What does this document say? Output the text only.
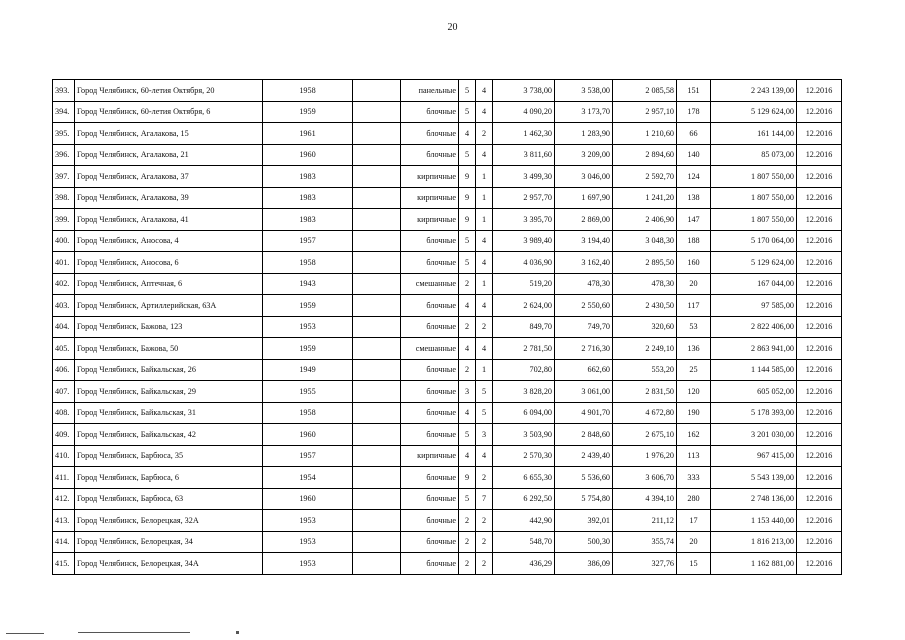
20
393.	Город Челябинск, 60-летия Октября, 20	1958		панельные	5	4	3 738,00	3 538,00	2 085,58	151	2 243 139,00	12.2016
394.	Город Челябинск, 60-летия Октября, 6	1959		блочные	5	4	4 090,20	3 173,70	2 957,10	178	5 129 624,00	12.2016
395.	Город Челябинск, Агалакова, 15	1961		блочные	4	2	1 462,30	1 283,90	1 210,60	66	161 144,00	12.2016
396.	Город Челябинск, Агалакова, 21	1960		блочные	5	4	3 811,60	3 209,00	2 894,60	140	85 073,00	12.2016
397.	Город Челябинск, Агалакова, 37	1983		кирпичные	9	1	3 499,30	3 046,00	2 592,70	124	1 807 550,00	12.2016
398.	Город Челябинск, Агалакова, 39	1983		кирпичные	9	1	2 957,70	1 697,90	1 241,20	138	1 807 550,00	12.2016
399.	Город Челябинск, Агалакова, 41	1983		кирпичные	9	1	3 395,70	2 869,00	2 406,90	147	1 807 550,00	12.2016
400.	Город Челябинск, Аносова, 4	1957		блочные	5	4	3 989,40	3 194,40	3 048,30	188	5 170 064,00	12.2016
401.	Город Челябинск, Аносова, 6	1958		блочные	5	4	4 036,90	3 162,40	2 895,50	160	5 129 624,00	12.2016
402.	Город Челябинск, Аптечная, 6	1943		смешанные	2	1	519,20	478,30	478,30	20	167 044,00	12.2016
403.	Город Челябинск, Артиллерийская, 63А	1959		блочные	4	4	2 624,00	2 550,60	2 430,50	117	97 585,00	12.2016
404.	Город Челябинск, Бажова, 123	1953		блочные	2	2	849,70	749,70	320,60	53	2 822 406,00	12.2016
405.	Город Челябинск, Бажова, 50	1959		смешанные	4	4	2 781,50	2 716,30	2 249,10	136	2 863 941,00	12.2016
406.	Город Челябинск, Байкальская, 26	1949		блочные	2	1	702,80	662,60	553,20	25	1 144 585,00	12.2016
407.	Город Челябинск, Байкальская, 29	1955		блочные	3	5	3 828,20	3 061,00	2 831,50	120	605 052,00	12.2016
408.	Город Челябинск, Байкальская, 31	1958		блочные	4	5	6 094,00	4 901,70	4 672,80	190	5 178 393,00	12.2016
409.	Город Челябинск, Байкальская, 42	1960		блочные	5	3	3 503,90	2 848,60	2 675,10	162	3 201 030,00	12.2016
410.	Город Челябинск, Барбюса, 35	1957		кирпичные	4	4	2 570,30	2 439,40	1 976,20	113	967 415,00	12.2016
411.	Город Челябинск, Барбюса, 6	1954		блочные	9	2	6 655,30	5 536,60	3 606,70	333	5 543 139,00	12.2016
412.	Город Челябинск, Барбюса, 63	1960		блочные	5	7	6 292,50	5 754,80	4 394,10	280	2 748 136,00	12.2016
413.	Город Челябинск, Белорецкая, 32А	1953		блочные	2	2	442,90	392,01	211,12	17	1 153 440,00	12.2016
414.	Город Челябинск, Белорецкая, 34	1953		блочные	2	2	548,70	500,30	355,74	20	1 816 213,00	12.2016
415.	Город Челябинск, Белорецкая, 34А	1953		блочные	2	2	436,29	386,09	327,76	15	1 162 881,00	12.2016
